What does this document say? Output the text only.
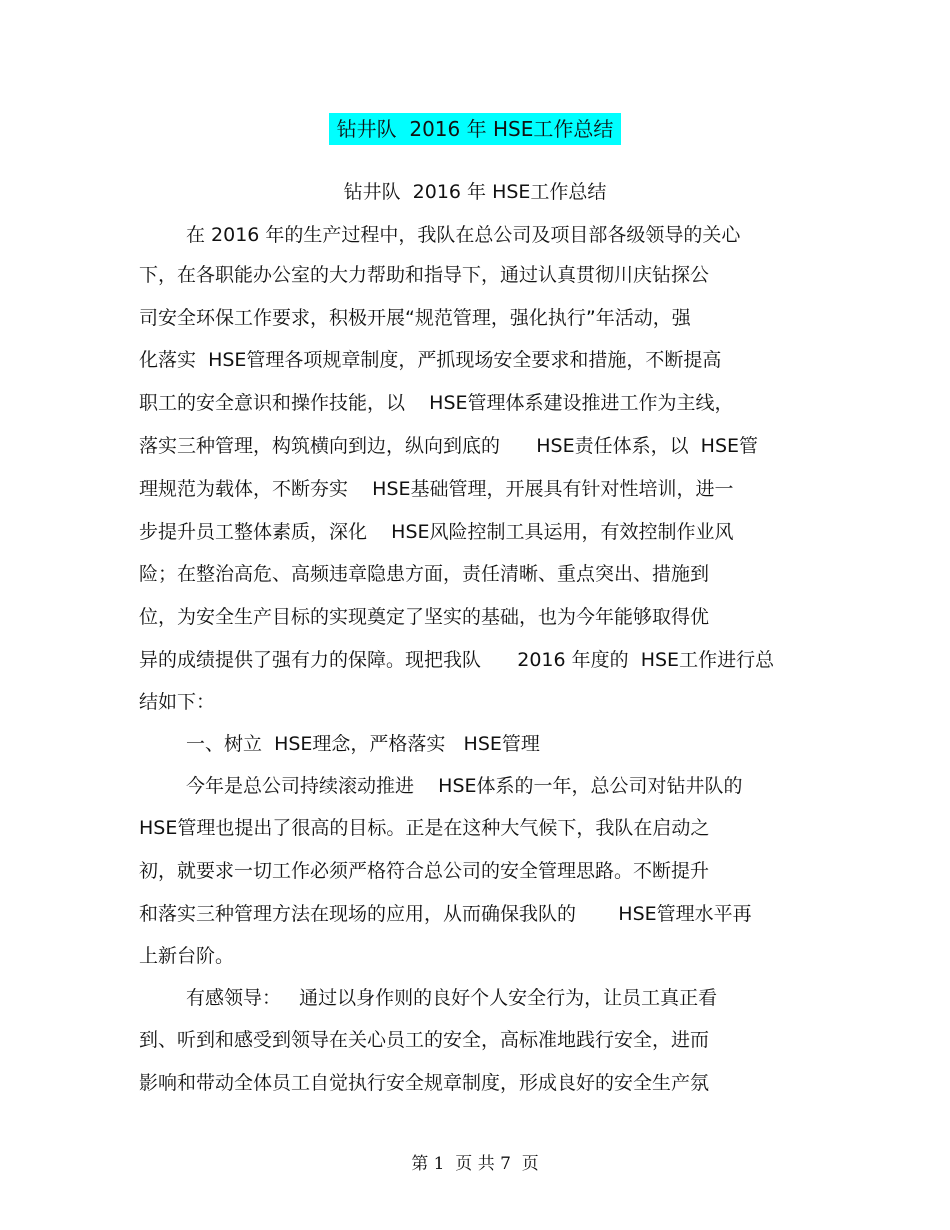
钻井队  2016 年 HSE工作总结
钻井队  2016 年 HSE工作总结
在 2016 年的生产过程中，我队在总公司及项目部各级领导的关心
下，在各职能办公室的大力帮助和指导下，通过认真贯彻川庆钻探公
司安全环保工作要求，积极开展“规范管理，强化执行”年活动，强
化落实  HSE管理各项规章制度，严抓现场安全要求和措施，不断提高
职工的安全意识和操作技能，以    HSE管理体系建设推进工作为主线，
落实三种管理，构筑横向到边，纵向到底的      HSE责任体系，以  HSE管
理规范为载体，不断夯实    HSE基础管理，开展具有针对性培训，进一
步提升员工整体素质，深化    HSE风险控制工具运用，有效控制作业风
险；在整治高危、高频违章隐患方面，责任清晰、重点突出、措施到
位，为安全生产目标的实现奠定了坚实的基础，也为今年能够取得优
异的成绩提供了强有力的保障。现把我队      2016 年度的  HSE工作进行总
结如下：
一、树立  HSE理念，严格落实   HSE管理
今年是总公司持续滚动推进    HSE体系的一年，总公司对钻井队的
HSE管理也提出了很高的目标。正是在这种大气候下，我队在启动之
初，就要求一切工作必须严格符合总公司的安全管理思路。不断提升
和落实三种管理方法在现场的应用，从而确保我队的       HSE管理水平再
上新台阶。
有感领导：   通过以身作则的良好个人安全行为，让员工真正看
到、听到和感受到领导在关心员工的安全，高标准地践行安全，进而
影响和带动全体员工自觉执行安全规章制度，形成良好的安全生产氛
第 1  页 共 7  页
